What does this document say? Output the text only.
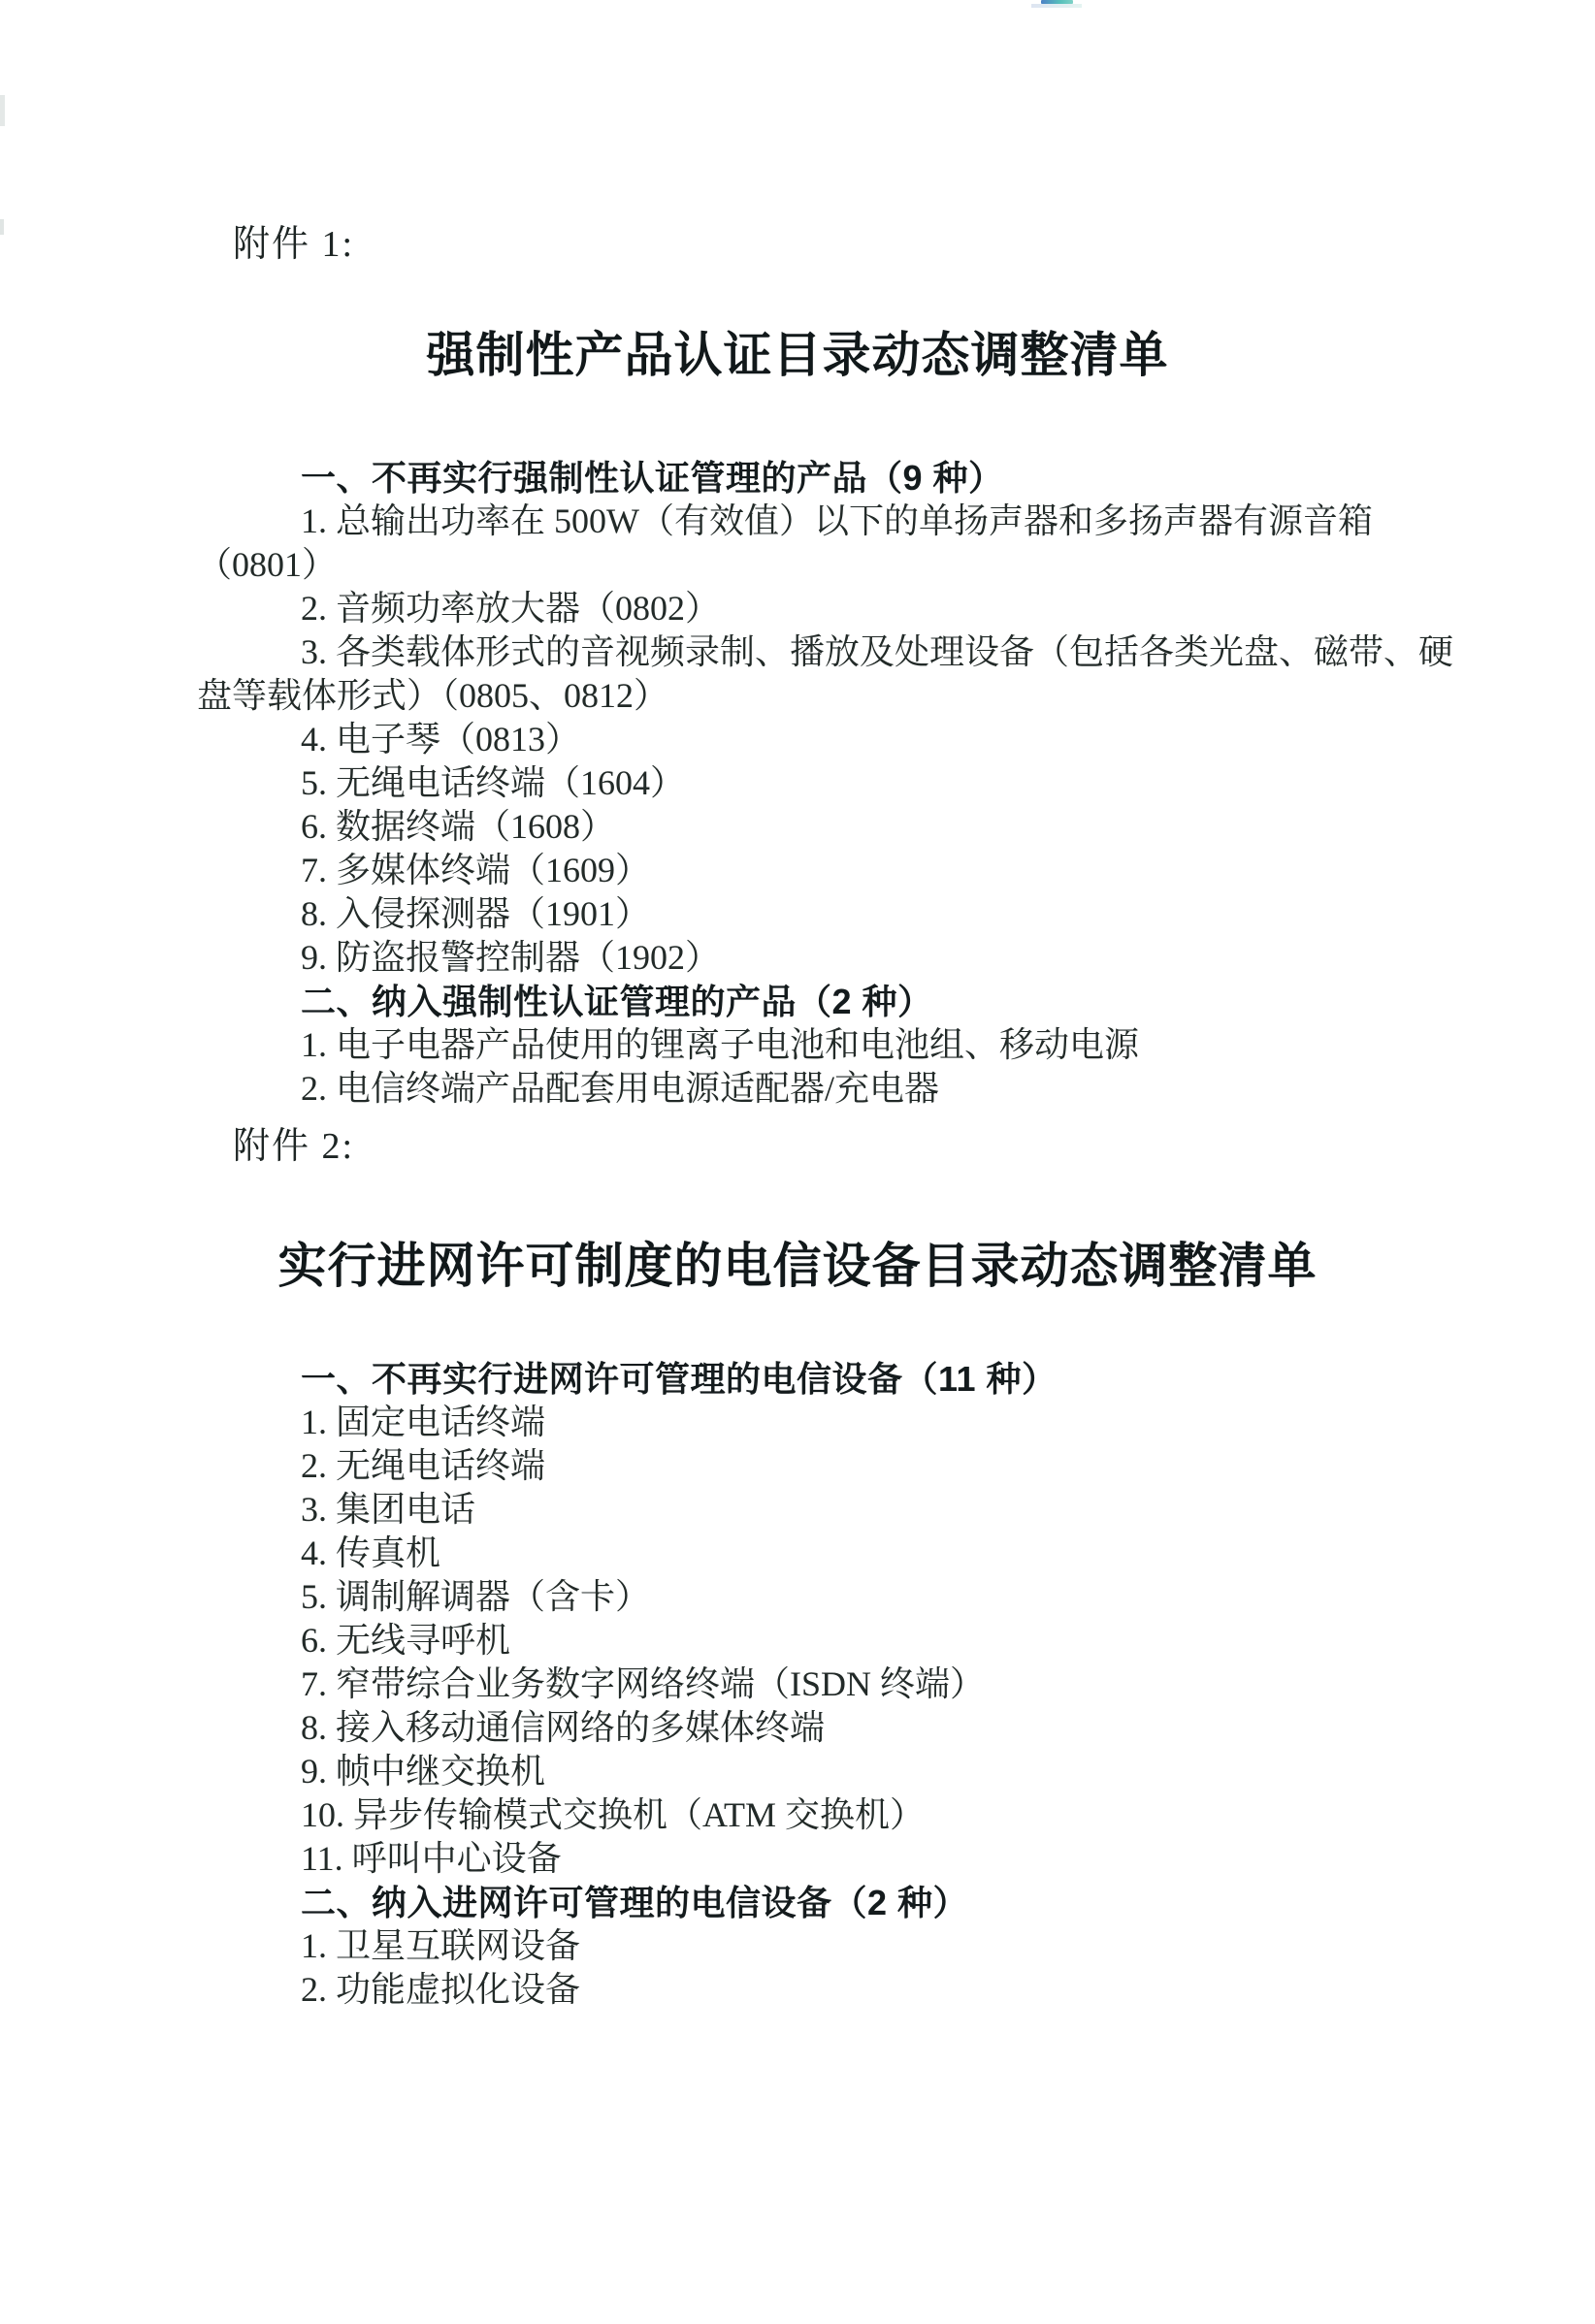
附件 1:
强制性产品认证目录动态调整清单

一、不再实行强制性认证管理的产品（9 种）

1. 总输出功率在 500W（有效值）以下的单扬声器和多扬声器有源音箱（0801）

2. 音频功率放大器（0802）

3. 各类载体形式的音视频录制、播放及处理设备（包括各类光盘、磁带、硬盘等载体形式）（0805、0812）

4. 电子琴（0813）

5. 无绳电话终端（1604）

6. 数据终端（1608）

7. 多媒体终端（1609）

8. 入侵探测器（1901）

9. 防盗报警控制器（1902）

二、纳入强制性认证管理的产品（2 种）

1. 电子电器产品使用的锂离子电池和电池组、移动电源

2. 电信终端产品配套用电源适配器/充电器

附件 2:
实行进网许可制度的电信设备目录动态调整清单

一、不再实行进网许可管理的电信设备（11 种）

1. 固定电话终端

2. 无绳电话终端

3. 集团电话

4. 传真机

5. 调制解调器（含卡）

6. 无线寻呼机

7. 窄带综合业务数字网络终端（ISDN 终端）

8. 接入移动通信网络的多媒体终端

9. 帧中继交换机

10. 异步传输模式交换机（ATM 交换机）

11. 呼叫中心设备

二、纳入进网许可管理的电信设备（2 种）

1. 卫星互联网设备

2. 功能虚拟化设备
